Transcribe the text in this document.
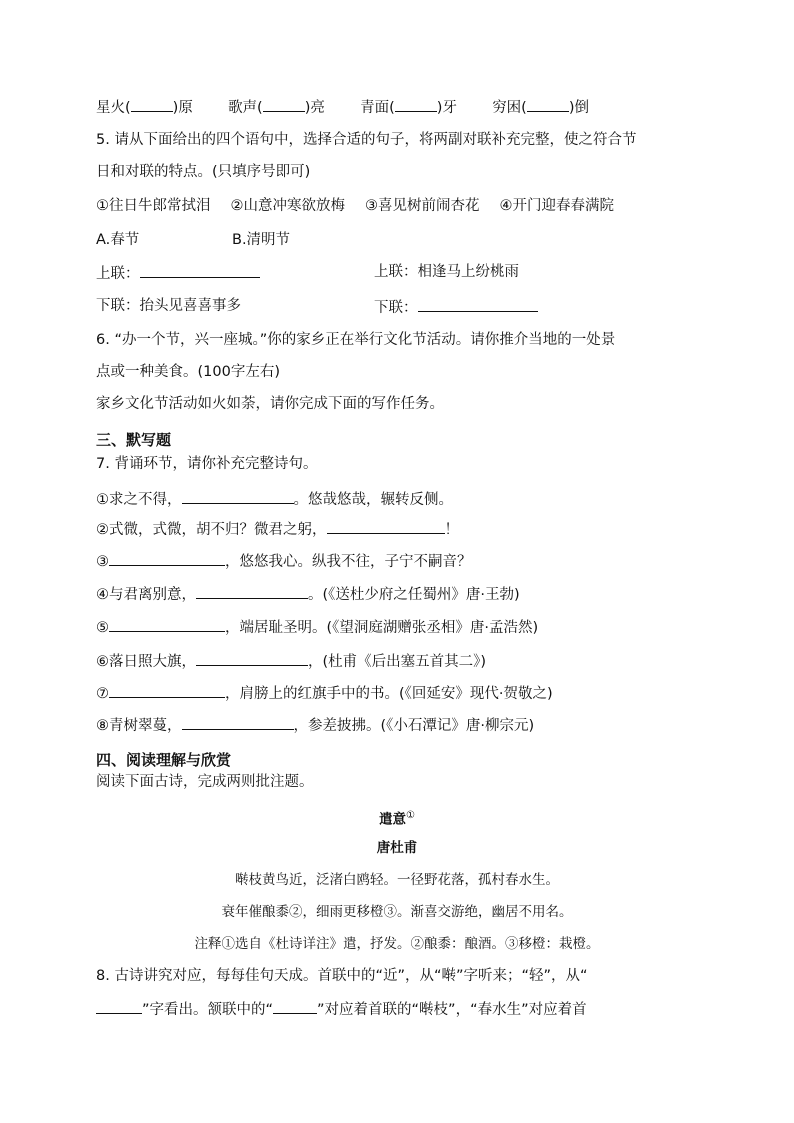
星火(	)原 歌声(	)亮 青面(	)牙 穷困(	)倒
5. 请从下面给出的四个语句中，选择合适的句子，将两副对联补充完整，使之符合节
日和对联的特点。(只填序号即可)
①往日牛郎常拭泪 ②山意冲寒欲放梅 ③喜见树前闹杏花 ④开门迎春春满院
A.春节	B.清明节
上联：	上联：相逢马上纷桃雨
下联：抬头见喜喜事多	下联：
6. “办一个节，兴一座城。”你的家乡正在举行文化节活动。请你推介当地的一处景
点或一种美食。(100字左右)
家乡文化节活动如火如荼，请你完成下面的写作任务。
三、默写题
7. 背诵环节，请你补充完整诗句。
①求之不得，	。悠哉悠哉，辗转反侧。
②式微，式微，胡不归？微君之躬，	！
③	，悠悠我心。纵我不往，子宁不嗣音？
④与君离别意，	。(《送杜少府之任蜀州》唐·王勃)
⑤	，端居耻圣明。(《望洞庭湖赠张丞相》唐·孟浩然)
⑥落日照大旗，	，(杜甫《后出塞五首其二》)
⑦	，肩膀上的红旗手中的书。(《回延安》现代·贺敬之)
⑧青树翠蔓，	，参差披拂。(《小石潭记》唐·柳宗元)
四、阅读理解与欣赏
阅读下面古诗，完成两则批注题。
遣意①
唐杜甫
啭枝黄鸟近，泛渚白鸥轻。一径野花落，孤村春水生。
衰年催酿黍②，细雨更移橙③。渐喜交游绝，幽居不用名。
注释①选自《杜诗详注》遣，抒发。②酿黍：酿酒。③移橙：栽橙。
8. 古诗讲究对应，每每佳句天成。首联中的“近”，从“啭”字听来；“轻”，从“
”字看出。颔联中的“	”对应着首联的“啭枝”，“春水生”对应着首
